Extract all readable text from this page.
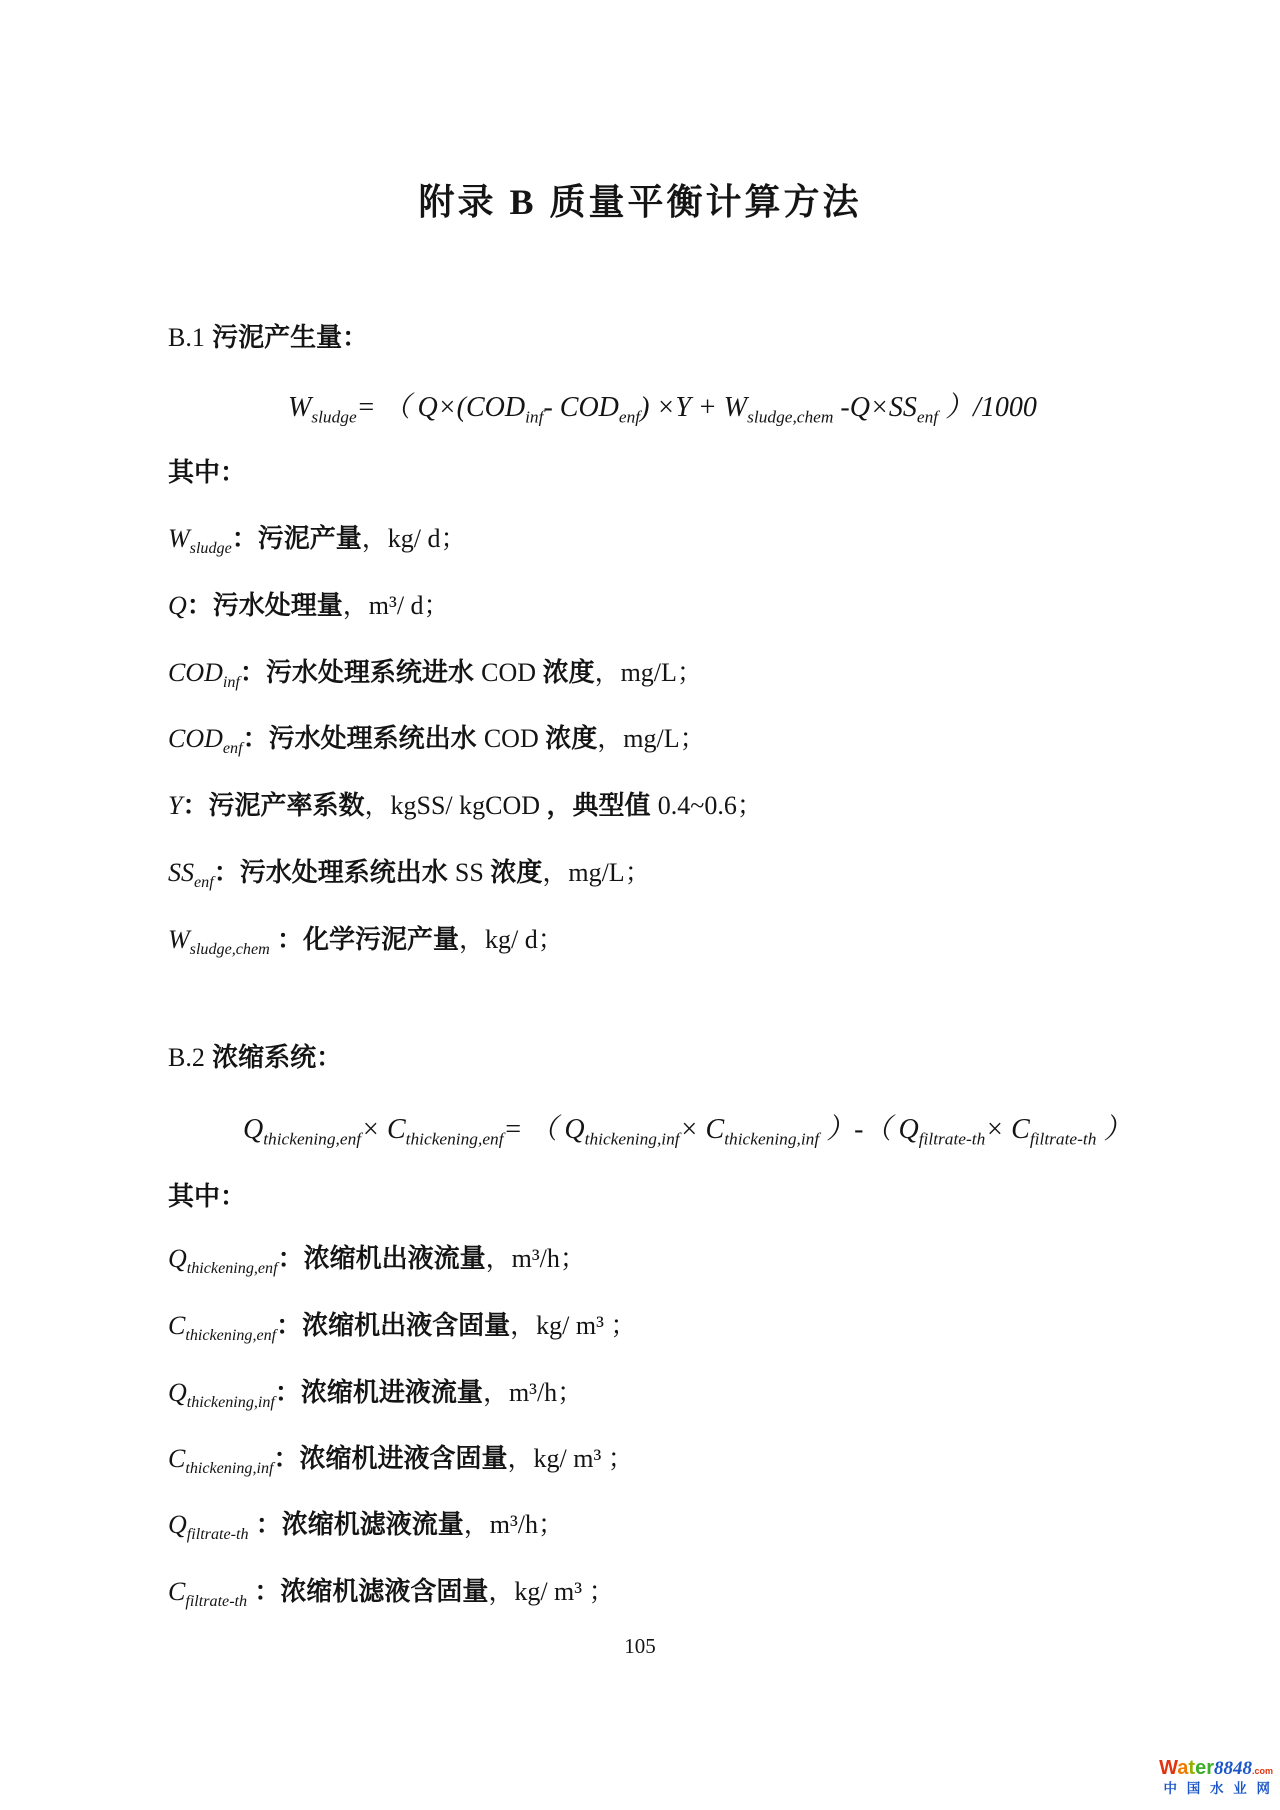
附录 B 质量平衡计算方法
B.1 污泥产生量：
$W_{sludge}=$ （ $Q\times(COD_{inf}-$ $COD_{enf}) \times Y + W_{sludge,chem}$ $-Q\times SS_{enf}$ ）/1000
其中：
$W_{sludge}$：污泥产量，kg/ d；
Q：污水处理量，m³/ d；
$COD_{inf}$：污水处理系统进水 COD 浓度，mg/L；
$COD_{enf}$：污水处理系统出水 COD 浓度，mg/L；
Y：污泥产率系数，kgSS/ kgCOD ，典型值 0.4~0.6；
$SS_{enf}$：污水处理系统出水 SS 浓度，mg/L；
$W_{sludge,chem}$ ：化学污泥产量，kg/ d；
B.2 浓缩系统：
$Q_{thickening,enf}\times C_{thickening,enf}=$ （ $Q_{thickening,inf}\times C_{thickening,inf}$ ）-（ $Q_{filtrate-th}\times C_{filtrate-th}$ ）
其中：
$Q_{thickening,enf}$：浓缩机出液流量，m³/h；
$C_{thickening,enf}$：浓缩机出液含固量，kg/ m³ ；
$Q_{thickening,inf}$：浓缩机进液流量，m³/h；
$C_{thickening,inf}$：浓缩机进液含固量，kg/ m³ ；
$Q_{filtrate-th}$ ：浓缩机滤液流量，m³/h；
$C_{filtrate-th}$ ：浓缩机滤液含固量，kg/ m³ ；
105
Water8848.com
中 国 水 业 网
